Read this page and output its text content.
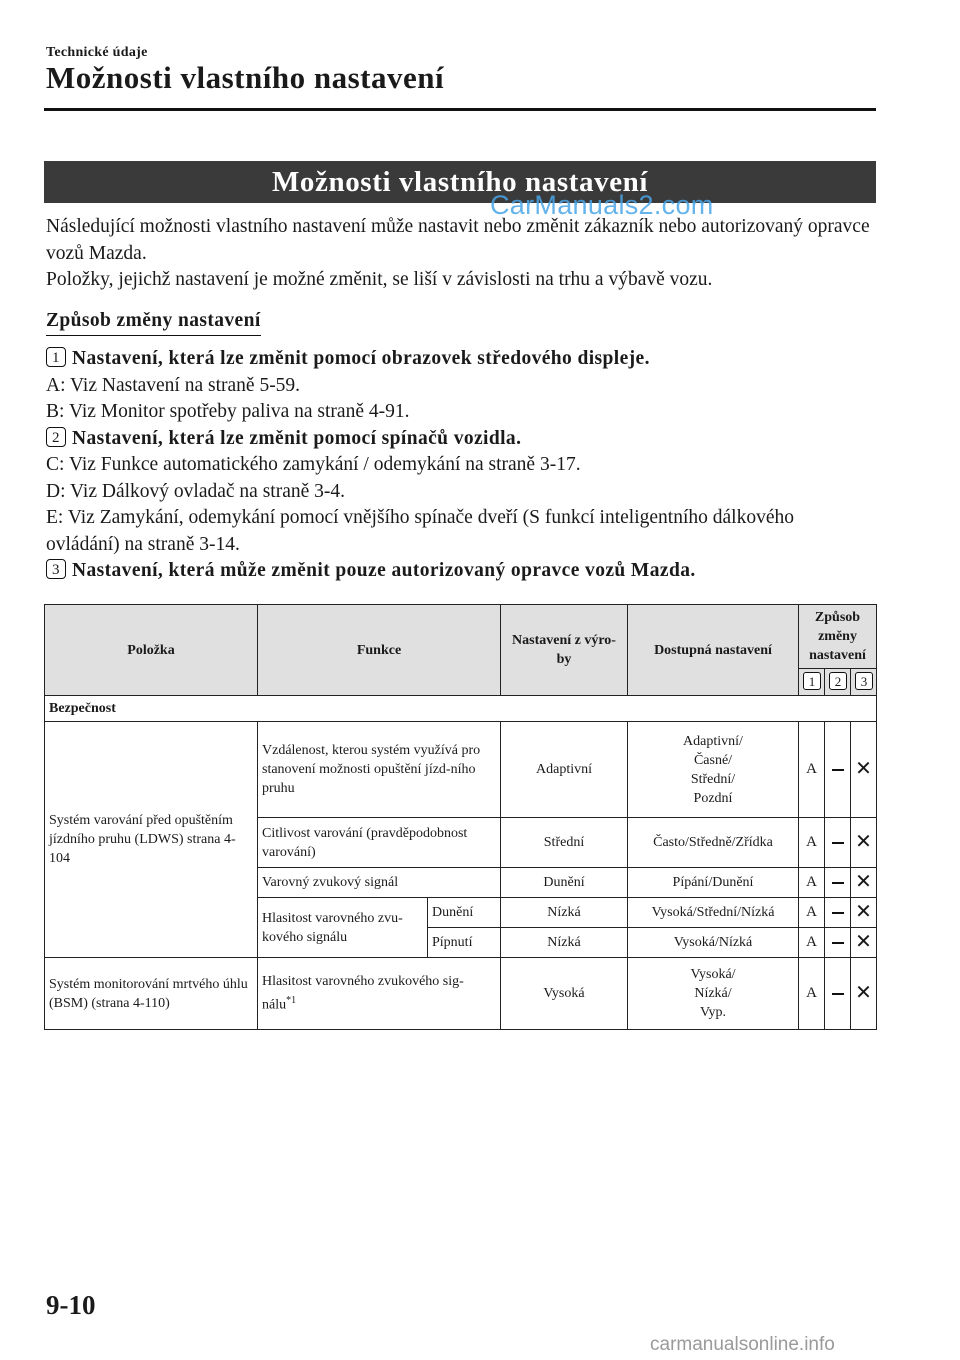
Technické údaje
Možnosti vlastního nastavení
Možnosti vlastního nastavení
CarManuals2.com

Následující možnosti vlastního nastavení může nastavit nebo změnit zákazník nebo autorizovaný opravce vozů Mazda.

Položky, jejichž nastavení je možné změnit, se liší v závislosti na trhu a výbavě vozu.

Způsob změny nastavení
1 Nastavení, která lze změnit pomocí obrazovek středového displeje.
A: Viz Nastavení na straně 5-59.
B: Viz Monitor spotřeby paliva na straně 4-91.
2 Nastavení, která lze změnit pomocí spínačů vozidla.
C: Viz Funkce automatického zamykání / odemykání na straně 3-17.
D: Viz Dálkový ovladač na straně 3-4.
E: Viz Zamykání, odemykání pomocí vnějšího spínače dveří (S funkcí inteligentního dálkového ovládání) na straně 3-14.
3 Nastavení, která může změnit pouze autorizovaný opravce vozů Mazda.
Položka	Funkce		Nastavení z výro-by	Dostupná nastavení	Způsob změny nastavení		
					1	2	3
Bezpečnost							
Systém varování před opuštěním jízdního pruhu (LDWS) strana 4-104	Vzdálenost, kterou systém využívá pro stanovení možnosti opuštění jízd-ního pruhu		Adaptivní	Adaptivní/
Časné/
Střední/
Pozdní	A		✕
	Citlivost varování (pravděpodobnost varování)		Střední	Často/Středně/Zřídka	A		✕
	Varovný zvukový signál		Dunění	Pípání/Dunění	A		✕
	Hlasitost varovného zvu-kového signálu	Dunění	Nízká	Vysoká/Střední/Nízká	A		✕
		Pípnutí	Nízká	Vysoká/Nízká	A		✕
Systém monitorování mrtvého úhlu (BSM) (strana 4-110)	Hlasitost varovného zvukového sig-nálu$^{*1}$		Vysoká	Vysoká/
Nízká/
Vyp.	A		✕
9-10
carmanualsonline.info
